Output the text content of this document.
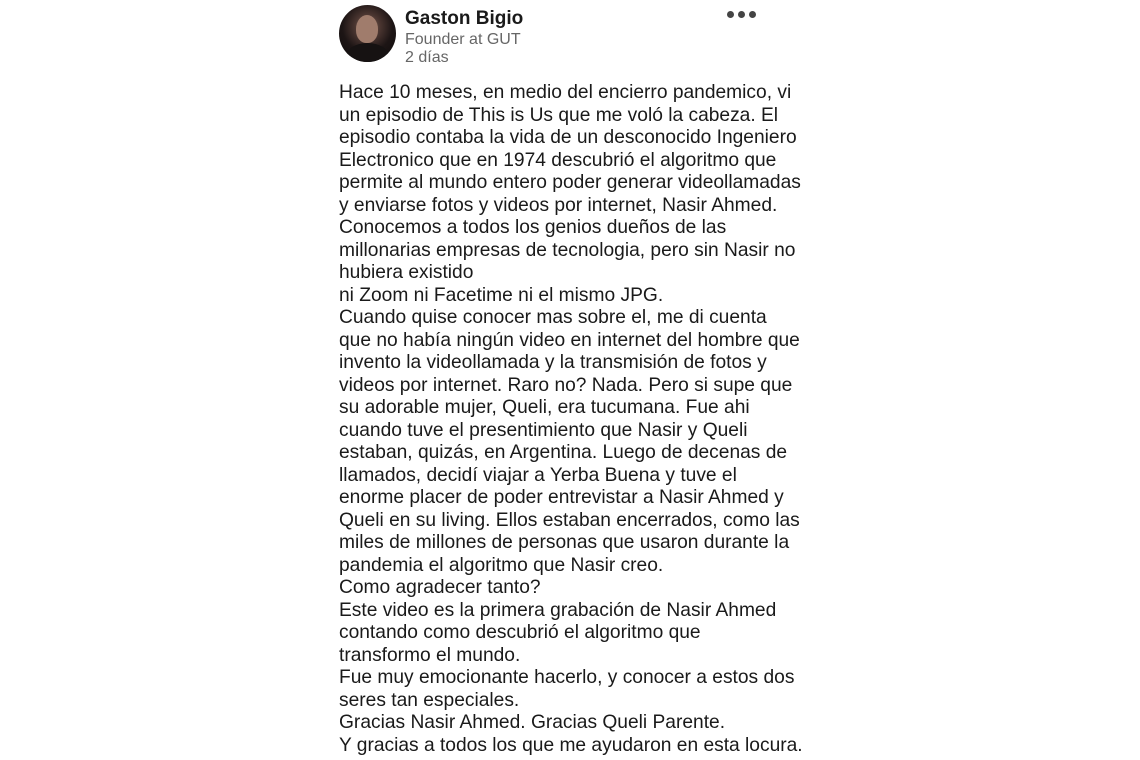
Gaston Bigio
Founder at GUT
2 días
Hace 10 meses, en medio del encierro pandemico, vi
un episodio de This is Us que me voló la cabeza. El
episodio contaba la vida de un desconocido Ingeniero
Electronico que en 1974 descubrió el algoritmo que
permite al mundo entero poder generar videollamadas
y enviarse fotos y videos por internet, Nasir Ahmed.
Conocemos a todos los genios dueños de las
millonarias empresas de tecnologia, pero sin Nasir no
hubiera existido
ni Zoom ni Facetime ni el mismo JPG.
Cuando quise conocer mas sobre el, me di cuenta
que no había ningún video en internet del hombre que
invento la videollamada y la transmisión de fotos y
videos por internet. Raro no? Nada. Pero si supe que
su adorable mujer, Queli, era tucumana. Fue ahi
cuando tuve el presentimiento que Nasir y Queli
estaban, quizás, en Argentina. Luego de decenas de
llamados, decidí viajar a Yerba Buena y tuve el
enorme placer de poder entrevistar a Nasir Ahmed y
Queli en su living. Ellos estaban encerrados, como las
miles de millones de personas que usaron durante la
pandemia el algoritmo que Nasir creo.
Como agradecer tanto?
Este video es la primera grabación de Nasir Ahmed
contando como descubrió el algoritmo que
transformo el mundo.
Fue muy emocionante hacerlo, y conocer a estos dos
seres tan especiales.
Gracias Nasir Ahmed. Gracias Queli Parente.
Y gracias a todos los que me ayudaron en esta locura.
